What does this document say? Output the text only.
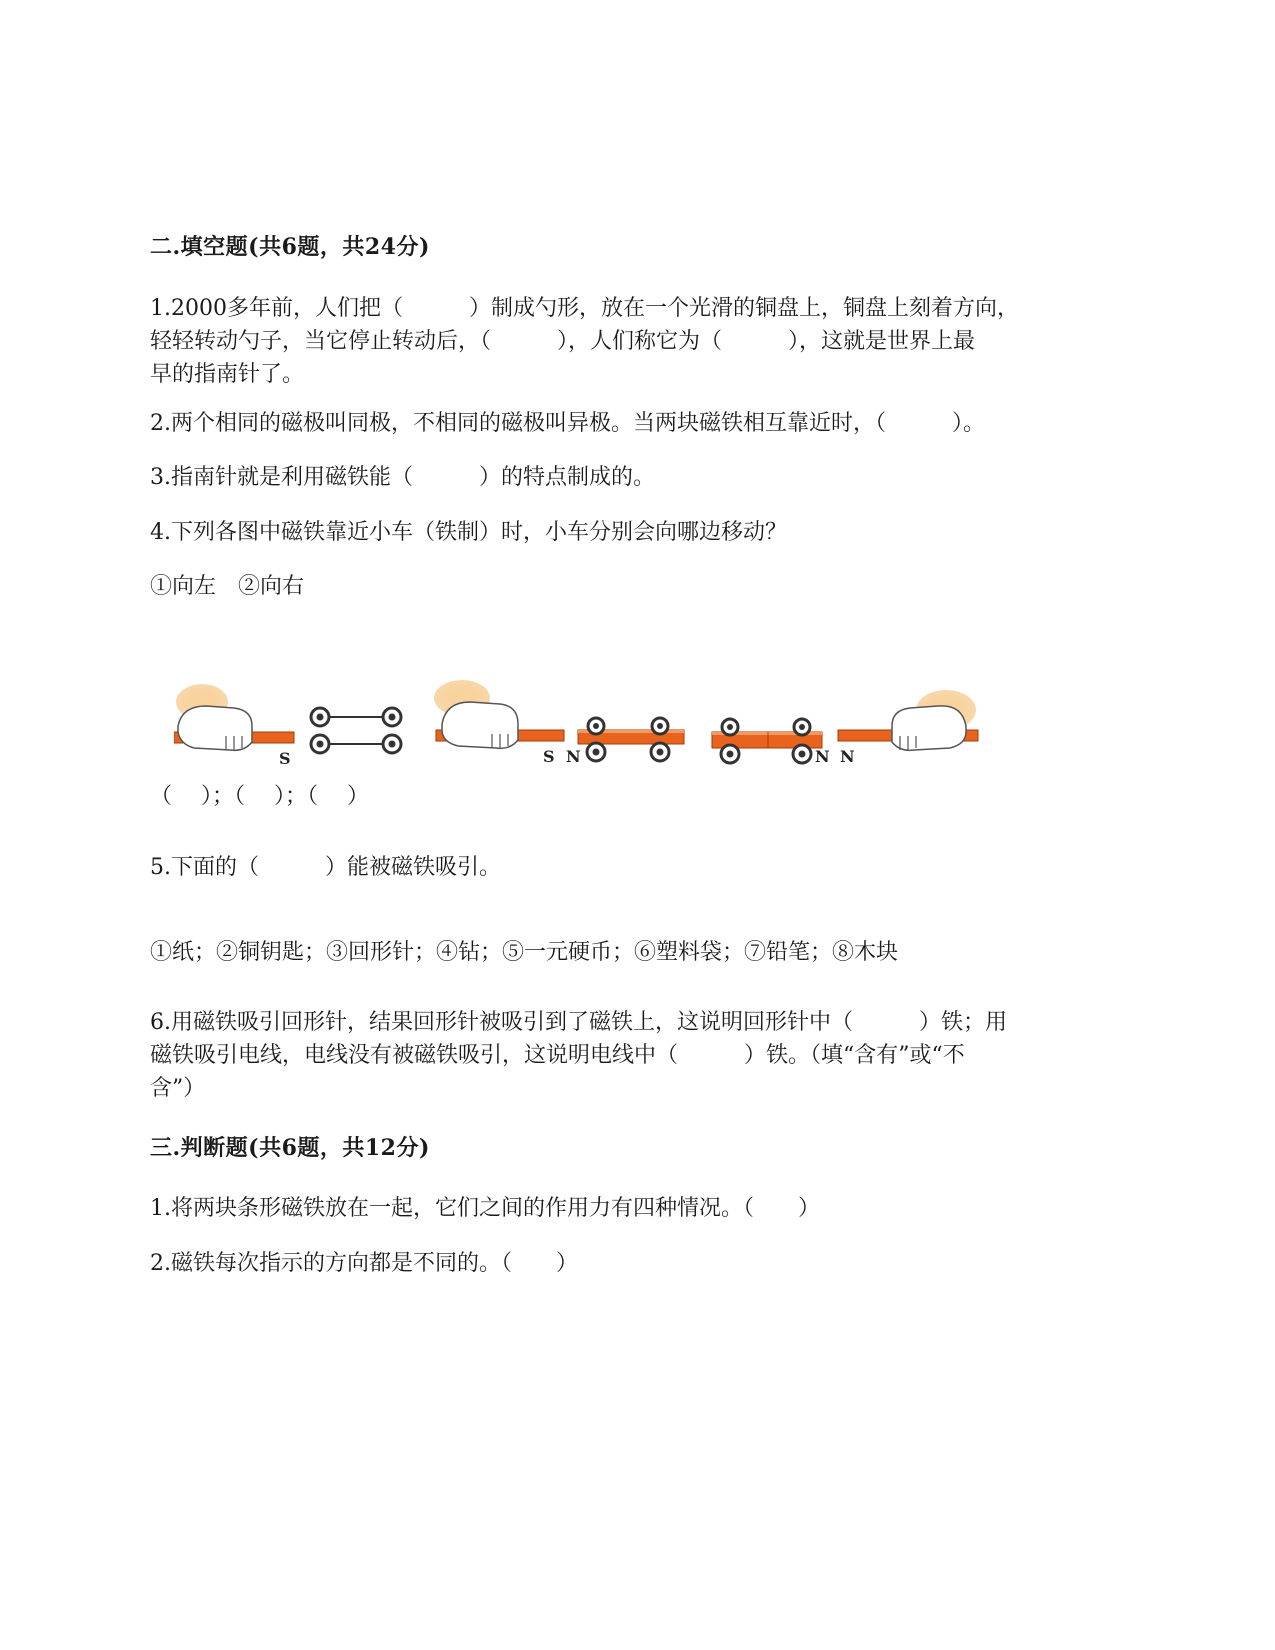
二.填空题(共6题，共24分)
1.2000多年前，人们把（　　　）制成勺形，放在一个光滑的铜盘上，铜盘上刻着方向，
轻轻转动勺子，当它停止转动后，（　　　），人们称它为（　　　），这就是世界上最
早的指南针了。
2.两个相同的磁极叫同极，不相同的磁极叫异极。当两块磁铁相互靠近时，（　　　）。
3.指南针就是利用磁铁能（　　　）的特点制成的。
4.下列各图中磁铁靠近小车（铁制）时，小车分别会向哪边移动？
①向左　②向右
S	S N	N N
（　 ）；（　 ）；（　 ）
5.下面的（　　　）能被磁铁吸引。
①纸；②铜钥匙；③回形针；④钻；⑤一元硬币；⑥塑料袋；⑦铅笔；⑧木块
6.用磁铁吸引回形针，结果回形针被吸引到了磁铁上，这说明回形针中（　　　）铁；用
磁铁吸引电线，电线没有被磁铁吸引，这说明电线中（　　　）铁。（填“含有”或“不
含”）
三.判断题(共6题，共12分)
1.将两块条形磁铁放在一起，它们之间的作用力有四种情况。（　　）
2.磁铁每次指示的方向都是不同的。（　　）
